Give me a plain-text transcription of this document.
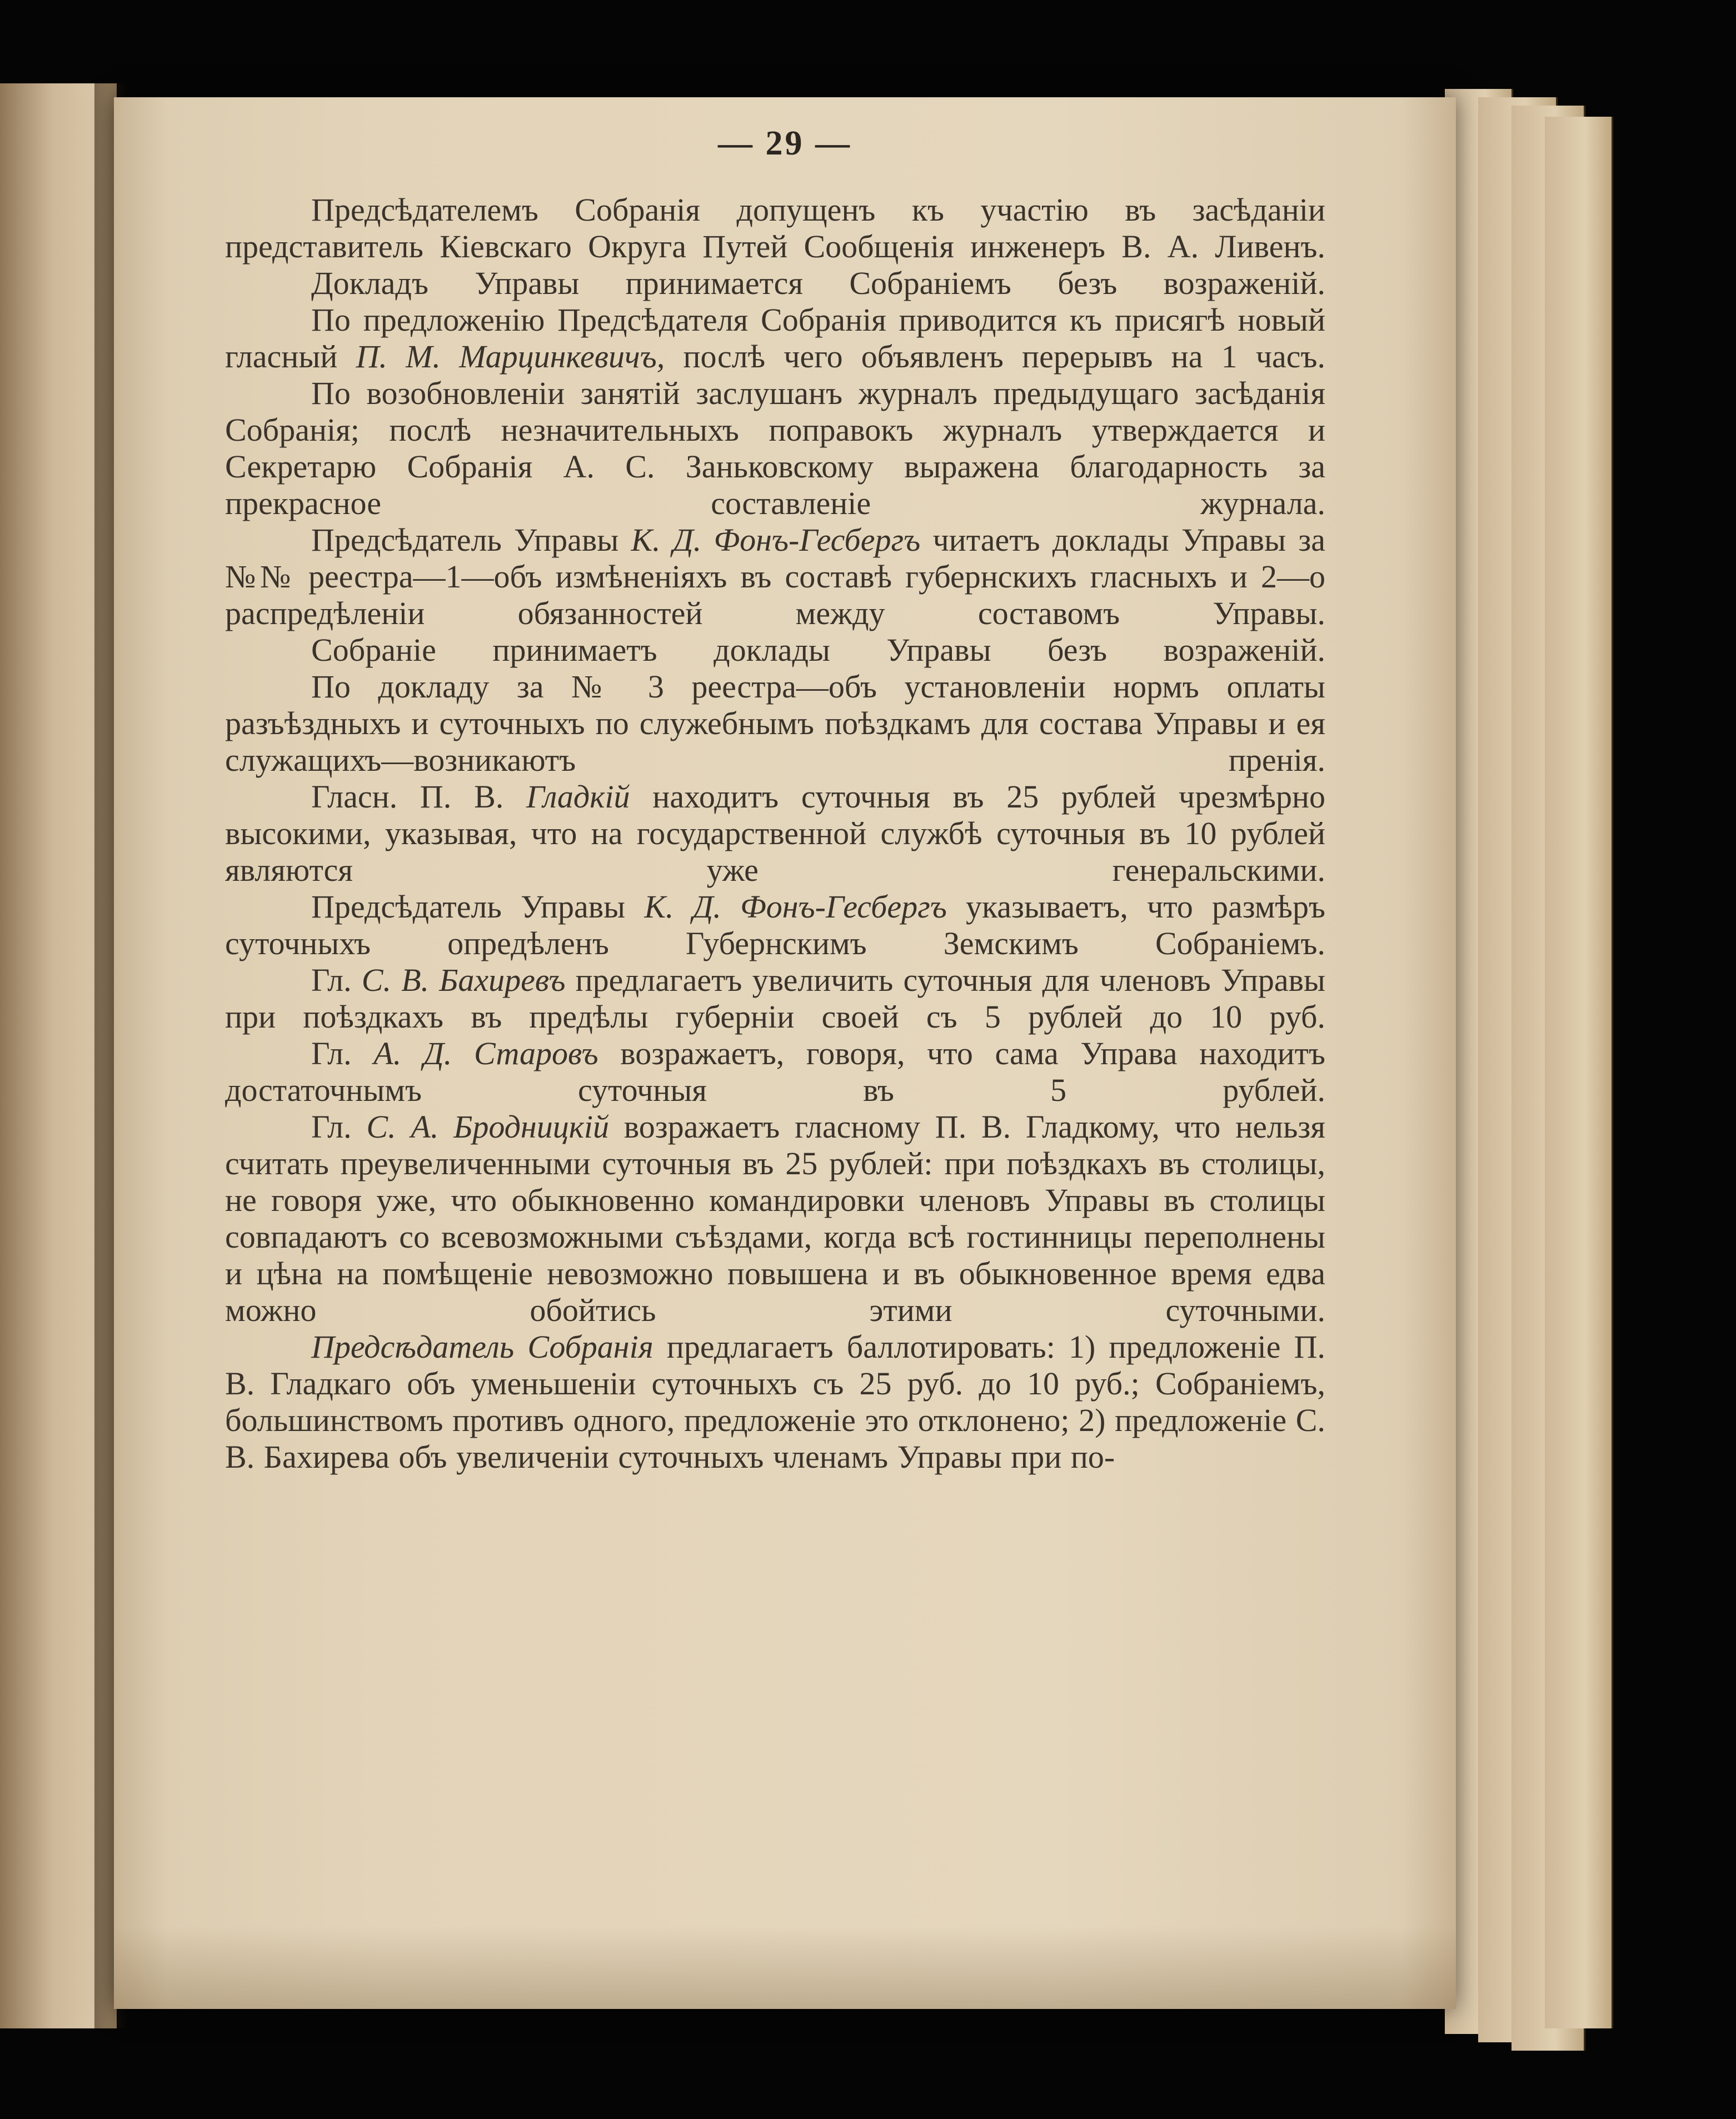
— 29 —

Предсѣдателемъ Собранія допущенъ къ участію въ засѣданіи представитель Кіевскаго Округа Путей Сообщенія инженеръ В. А. Ливенъ.

Докладъ Управы принимается Собраніемъ безъ возраженій.

По предложенію Предсѣдателя Собранія приводится къ присягѣ новый гласный П. М. Марцинкевичъ, послѣ чего объявленъ перерывъ на 1 часъ.

По возобновленіи занятій заслушанъ журналъ предыдущаго засѣданія Собранія; послѣ незначительныхъ поправокъ журналъ утверждается и Секретарю Собранія А. С. Заньковскому выражена благодарность за прекрасное составленіе журнала.

Предсѣдатель Управы К. Д. Фонъ-Гесбергъ читаетъ доклады Управы за №№ реестра—1—объ измѣненіяхъ въ составѣ губернскихъ гласныхъ и 2—о распредѣленіи обязанностей между составомъ Управы.

Собраніе принимаетъ доклады Управы безъ возраженій.

По докладу за № 3 реестра—объ установленіи нормъ оплаты разъѣздныхъ и суточныхъ по служебнымъ поѣздкамъ для состава Управы и ея служащихъ—возникаютъ пренія.

Гласн. П. В. Гладкій находитъ суточныя въ 25 рублей чрезмѣрно высокими, указывая, что на государственной службѣ суточныя въ 10 рублей являются уже генеральскими.

Предсѣдатель Управы К. Д. Фонъ-Гесбергъ указываетъ, что размѣръ суточныхъ опредѣленъ Губернскимъ Земскимъ Собраніемъ.

Гл. С. В. Бахиревъ предлагаетъ увеличить суточныя для членовъ Управы при поѣздкахъ въ предѣлы губерніи своей съ 5 рублей до 10 руб.

Гл. А. Д. Старовъ возражаетъ, говоря, что сама Управа находитъ достаточнымъ суточныя въ 5 рублей.

Гл. С. А. Бродницкій возражаетъ гласному П. В. Гладкому, что нельзя считать преувеличенными суточныя въ 25 рублей: при поѣздкахъ въ столицы, не говоря уже, что обыкновенно командировки членовъ Управы въ столицы совпадаютъ со всевозможными съѣздами, когда всѣ гостинницы переполнены и цѣна на помѣщеніе невозможно повышена и въ обыкновенное время едва можно обойтись этими суточными.

Предсѣдатель Собранія предлагаетъ баллотировать: 1) предложеніе П. В. Гладкаго объ уменьшеніи суточныхъ съ 25 руб. до 10 руб.; Собраніемъ, большинствомъ противъ одного, предложеніе это отклонено; 2) предложеніе С. В. Бахирева объ увеличеніи суточныхъ членамъ Управы при по-
